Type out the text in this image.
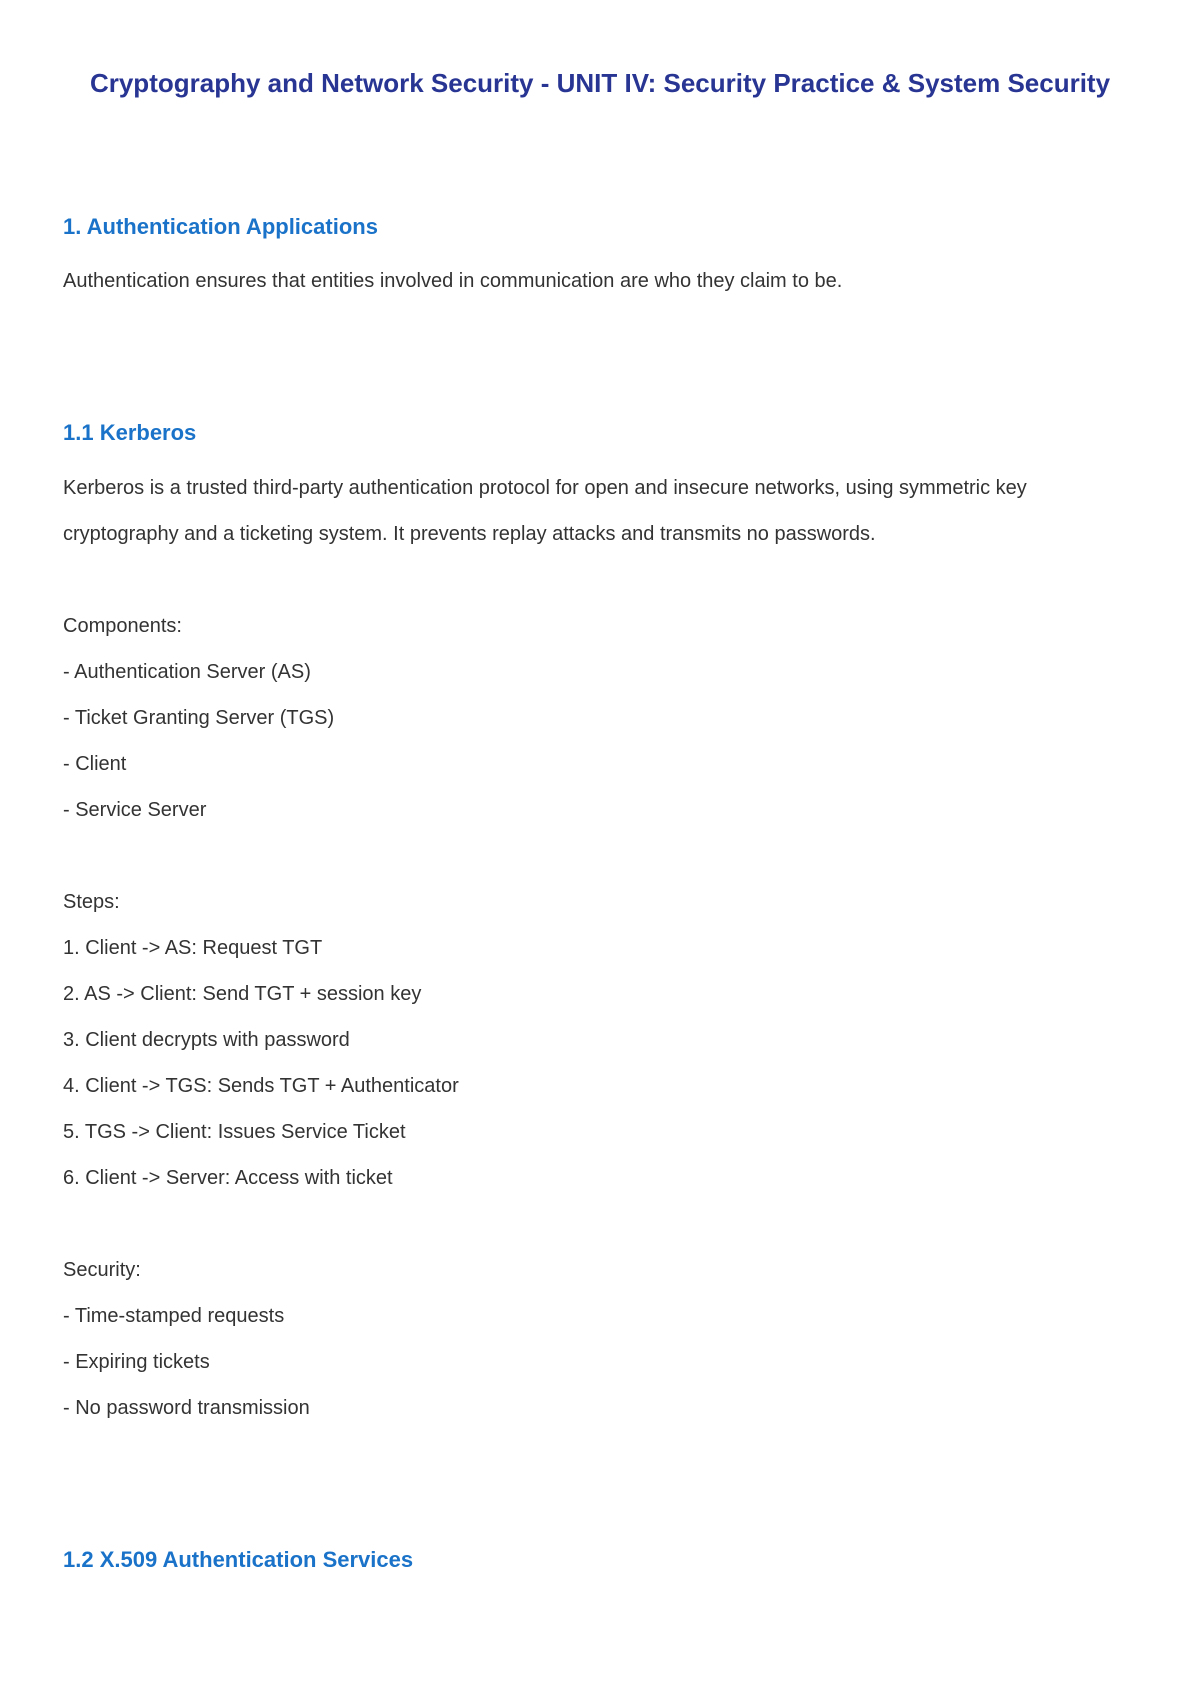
Cryptography and Network Security - UNIT IV: Security Practice & System Security
1. Authentication Applications

Authentication ensures that entities involved in communication are who they claim to be.

1.1 Kerberos

Kerberos is a trusted third-party authentication protocol for open and insecure networks, using symmetric key
cryptography and a ticketing system. It prevents replay attacks and transmits no passwords.

Components:
- Authentication Server (AS)
- Ticket Granting Server (TGS)
- Client
- Service Server
Steps:
1. Client -> AS: Request TGT
2. AS -> Client: Send TGT + session key
3. Client decrypts with password
4. Client -> TGS: Sends TGT + Authenticator
5. TGS -> Client: Issues Service Ticket
6. Client -> Server: Access with ticket
Security:
- Time-stamped requests
- Expiring tickets
- No password transmission
1.2 X.509 Authentication Services
